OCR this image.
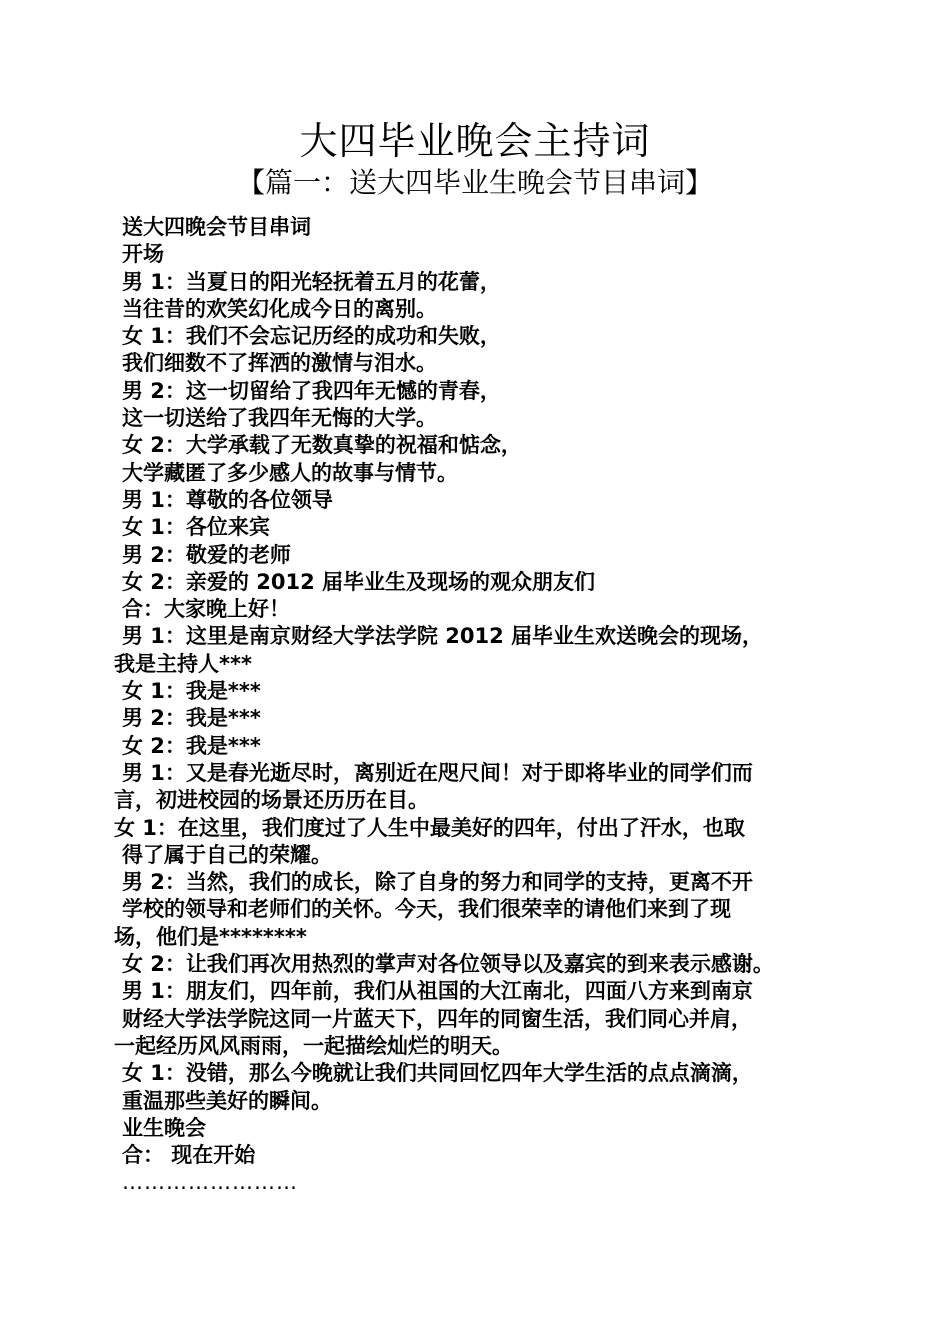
大四毕业晚会主持词
【篇一：送大四毕业生晚会节目串词】
送大四晚会节目串词
开场
男 1：当夏日的阳光轻抚着五月的花蕾，
当往昔的欢笑幻化成今日的离别。
女 1：我们不会忘记历经的成功和失败，
我们细数不了挥洒的激情与泪水。
男 2：这一切留给了我四年无憾的青春，
这一切送给了我四年无悔的大学。
女 2：大学承载了无数真挚的祝福和惦念，
大学藏匿了多少感人的故事与情节。
男 1：尊敬的各位领导
女 1：各位来宾
男 2：敬爱的老师
女 2：亲爱的 2012 届毕业生及现场的观众朋友们
合：大家晚上好！
男 1：这里是南京财经大学法学院 2012 届毕业生欢送晚会的现场，
我是主持人***
女 1：我是***
男 2：我是***
女 2：我是***
男 1：又是春光逝尽时，离别近在咫尺间！对于即将毕业的同学们而
言，初进校园的场景还历历在目。
女 1：在这里，我们度过了人生中最美好的四年，付出了汗水，也取
得了属于自己的荣耀。
男 2：当然，我们的成长，除了自身的努力和同学的支持，更离不开
学校的领导和老师们的关怀。今天，我们很荣幸的请他们来到了现
场，他们是********
女 2：让我们再次用热烈的掌声对各位领导以及嘉宾的到来表示感谢。
男 1：朋友们，四年前，我们从祖国的大江南北，四面八方来到南京
财经大学法学院这同一片蓝天下，四年的同窗生活，我们同心并肩，
一起经历风风雨雨，一起描绘灿烂的明天。
女 1：没错，那么今晚就让我们共同回忆四年大学生活的点点滴滴，
重温那些美好的瞬间。
业生晚会
合： 现在开始
……………………
